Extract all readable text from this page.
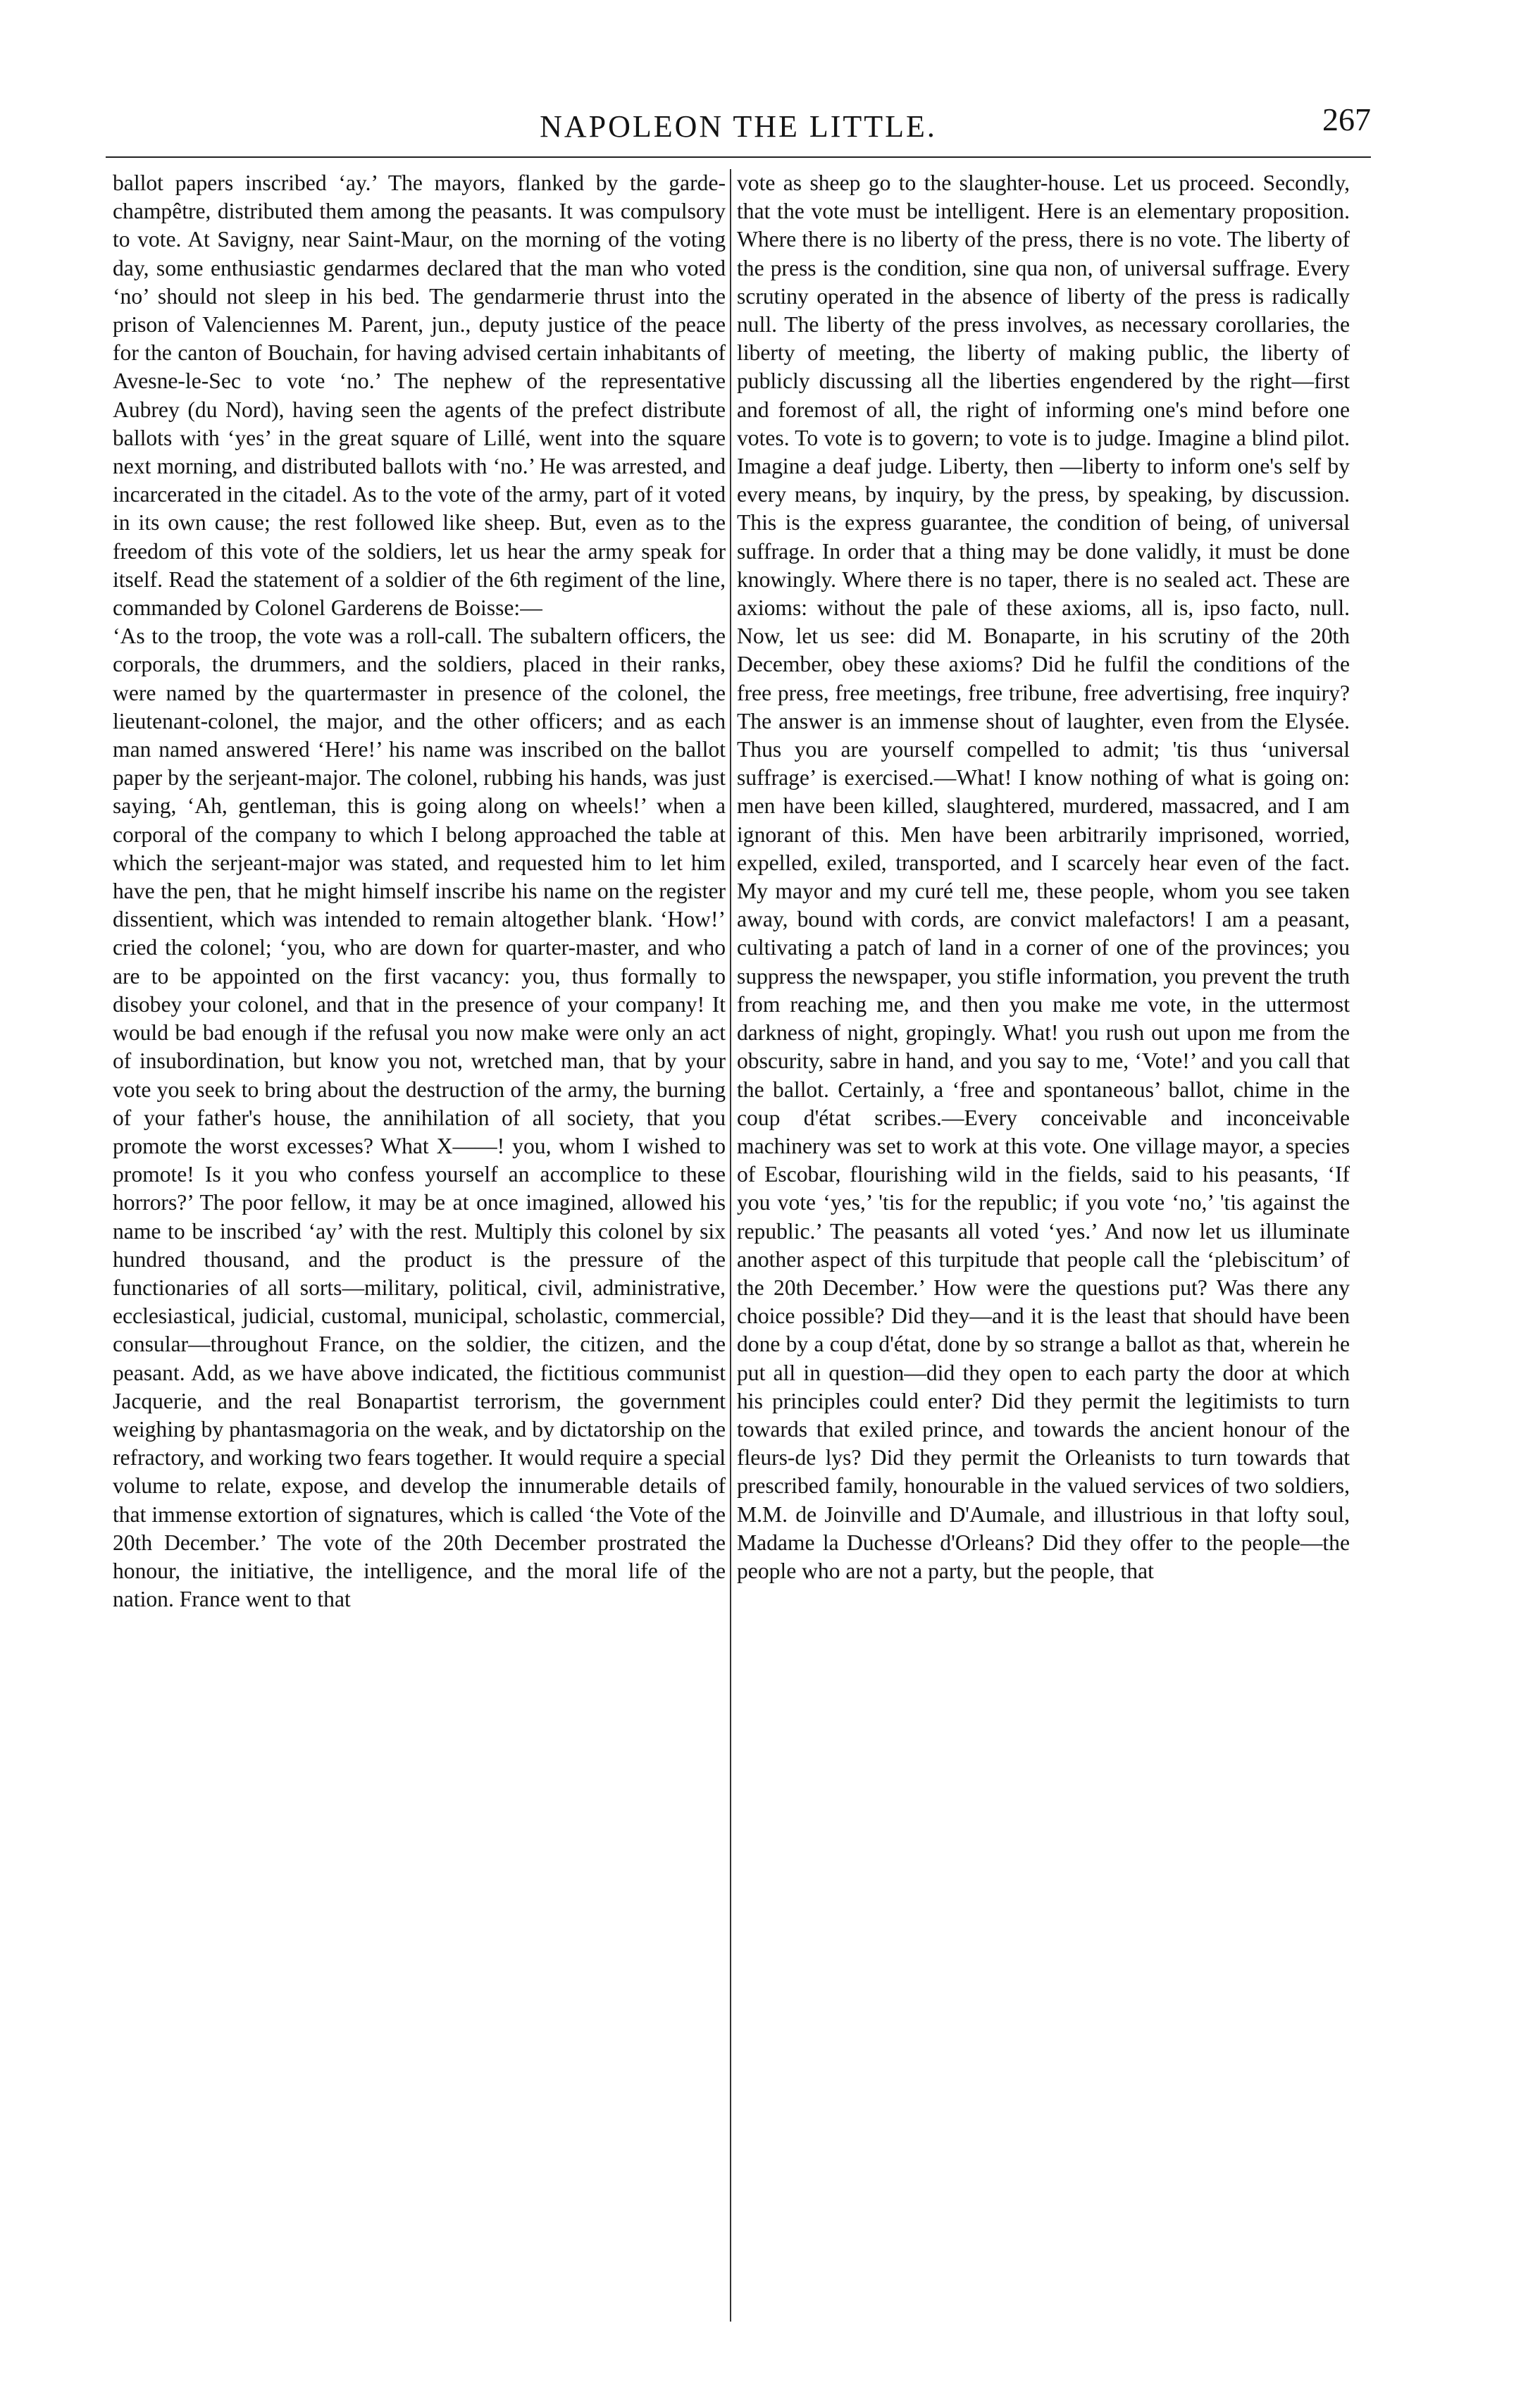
NAPOLEON THE LITTLE.	267

ballot papers inscribed ‘ay.’ The mayors, flanked by the garde-champêtre, distributed them among the peasants. It was compulsory to vote. At Savigny, near Saint-Maur, on the morning of the voting day, some enthusiastic gendarmes declared that the man who voted ‘no’ should not sleep in his bed. The gendarmerie thrust into the prison of Valenciennes M. Parent, jun., deputy justice of the peace for the canton of Bouchain, for having advised certain inhabitants of Avesne-le-Sec to vote ‘no.’ The nephew of the representative Aubrey (du Nord), having seen the agents of the prefect distribute ballots with ‘yes’ in the great square of Lillé, went into the square next morning, and distributed ballots with ‘no.’ He was arrested, and incarcerated in the citadel. As to the vote of the army, part of it voted in its own cause; the rest followed like sheep. But, even as to the freedom of this vote of the soldiers, let us hear the army speak for itself. Read the statement of a soldier of the 6th regiment of the line, commanded by Colonel Garderens de Boisse:—

‘As to the troop, the vote was a roll-call. The subaltern officers, the corporals, the drummers, and the soldiers, placed in their ranks, were named by the quartermaster in presence of the colonel, the lieutenant-colonel, the major, and the other officers; and as each man named answered ‘Here!’ his name was inscribed on the ballot paper by the serjeant-major. The colonel, rubbing his hands, was just saying, ‘Ah, gentleman, this is going along on wheels!’ when a corporal of the company to which I belong approached the table at which the serjeant-major was stated, and requested him to let him have the pen, that he might himself inscribe his name on the register dissentient, which was intended to remain altogether blank. ‘How!’ cried the colonel; ‘you, who are down for quarter-master, and who are to be appointed on the first vacancy: you, thus formally to disobey your colonel, and that in the presence of your company! It would be bad enough if the refusal you now make were only an act of insubordination, but know you not, wretched man, that by your vote you seek to bring about the destruction of the army, the burning of your father's house, the annihilation of all society, that you promote the worst excesses? What X——! you, whom I wished to promote! Is it you who confess yourself an accomplice to these horrors?’ The poor fellow, it may be at once imagined, allowed his name to be inscribed ‘ay’ with the rest. Multiply this colonel by six hundred thousand, and the product is the pressure of the functionaries of all sorts—military, political, civil, administrative, ecclesiastical, judicial, customal, municipal, scholastic, commercial, consular—throughout France, on the soldier, the citizen, and the peasant. Add, as we have above indicated, the fictitious communist Jacquerie, and the real Bonapartist terrorism, the government weighing by phantasmagoria on the weak, and by dictatorship on the refractory, and working two fears together. It would require a special volume to relate, expose, and develop the innumerable details of that immense extortion of signatures, which is called ‘the Vote of the 20th December.’ The vote of the 20th December prostrated the honour, the initiative, the intelligence, and the moral life of the nation. France went to that

vote as sheep go to the slaughter-house. Let us proceed. Secondly, that the vote must be intelligent. Here is an elementary proposition. Where there is no liberty of the press, there is no vote. The liberty of the press is the condition, sine qua non, of universal suffrage. Every scrutiny operated in the absence of liberty of the press is radically null. The liberty of the press involves, as necessary corollaries, the liberty of meeting, the liberty of making public, the liberty of publicly discussing all the liberties engendered by the right—first and foremost of all, the right of informing one's mind before one votes. To vote is to govern; to vote is to judge. Imagine a blind pilot. Imagine a deaf judge. Liberty, then —liberty to inform one's self by every means, by inquiry, by the press, by speaking, by discussion. This is the express guarantee, the condition of being, of universal suffrage. In order that a thing may be done validly, it must be done knowingly. Where there is no taper, there is no sealed act. These are axioms: without the pale of these axioms, all is, ipso facto, null. Now, let us see: did M. Bonaparte, in his scrutiny of the 20th December, obey these axioms? Did he fulfil the conditions of the free press, free meetings, free tribune, free advertising, free inquiry? The answer is an immense shout of laughter, even from the Elysée. Thus you are yourself compelled to admit; 'tis thus ‘universal suffrage’ is exercised.—What! I know nothing of what is going on: men have been killed, slaughtered, murdered, massacred, and I am ignorant of this. Men have been arbitrarily imprisoned, worried, expelled, exiled, transported, and I scarcely hear even of the fact. My mayor and my curé tell me, these people, whom you see taken away, bound with cords, are convict malefactors! I am a peasant, cultivating a patch of land in a corner of one of the provinces; you suppress the newspaper, you stifle information, you prevent the truth from reaching me, and then you make me vote, in the uttermost darkness of night, gropingly. What! you rush out upon me from the obscurity, sabre in hand, and you say to me, ‘Vote!’ and you call that the ballot. Certainly, a ‘free and spontaneous’ ballot, chime in the coup d'état scribes.—Every conceivable and inconceivable machinery was set to work at this vote. One village mayor, a species of Escobar, flourishing wild in the fields, said to his peasants, ‘If you vote ‘yes,’ 'tis for the republic; if you vote ‘no,’ 'tis against the republic.’ The peasants all voted ‘yes.’ And now let us illuminate another aspect of this turpitude that people call the ‘plebiscitum’ of the 20th December.’ How were the questions put? Was there any choice possible? Did they—and it is the least that should have been done by a coup d'état, done by so strange a ballot as that, wherein he put all in question—did they open to each party the door at which his principles could enter? Did they permit the legitimists to turn towards that exiled prince, and towards the ancient honour of the fleurs-de lys? Did they permit the Orleanists to turn towards that prescribed family, honourable in the valued services of two soldiers, M.M. de Joinville and D'Aumale, and illustrious in that lofty soul, Madame la Duchesse d'Orleans? Did they offer to the people—the people who are not a party, but the people, that
